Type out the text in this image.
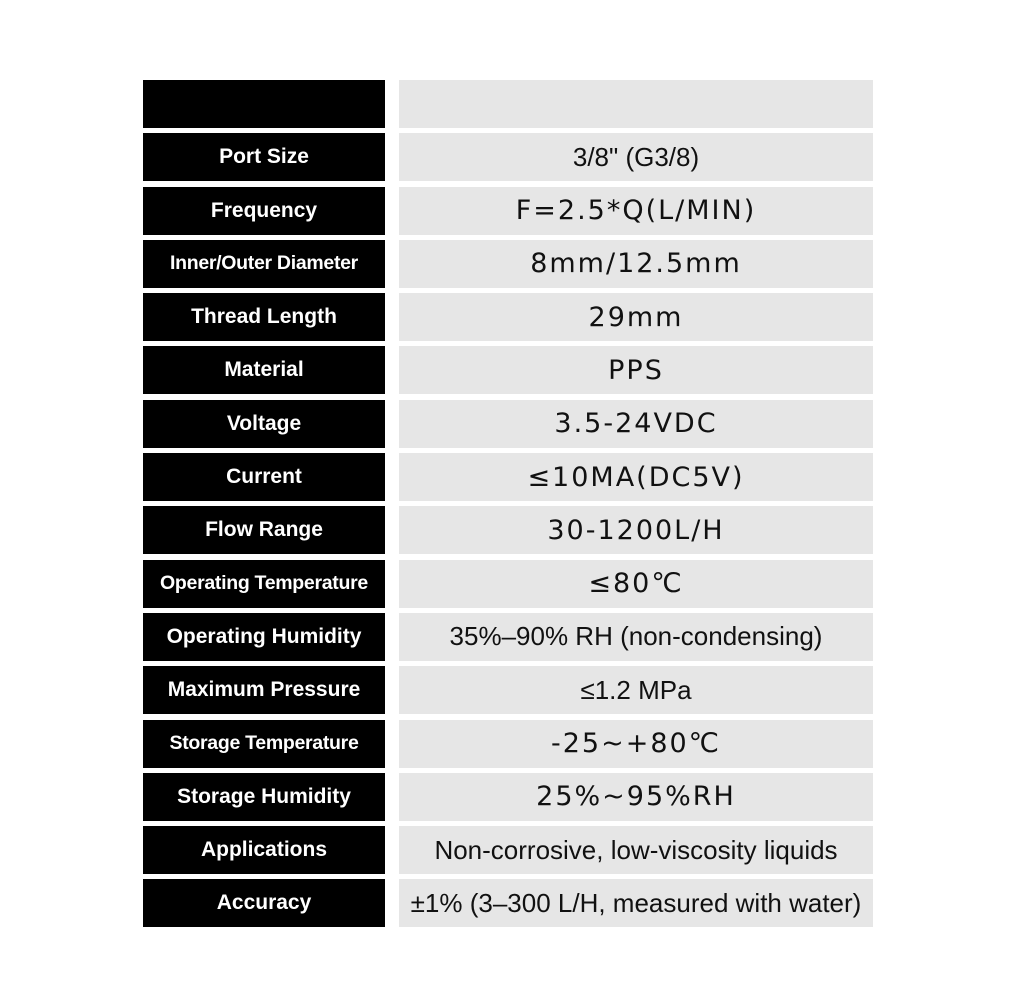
Port Size	3/8" (G3/8)
Frequency	F=2.5*Q(L/MIN)
Inner/Outer Diameter	8mm/12.5mm
Thread Length	29mm
Material	PPS
Voltage	3.5-24VDC
Current	≤10MA(DC5V)
Flow Range	30-1200L/H
Operating Temperature	≤80℃
Operating Humidity	35%–90% RH (non-condensing)
Maximum Pressure	≤1.2 MPa
Storage Temperature	-25~+80℃
Storage Humidity	25%~95%RH
Applications	Non-corrosive, low-viscosity liquids
Accuracy	±1% (3–300 L/H, measured with water)
